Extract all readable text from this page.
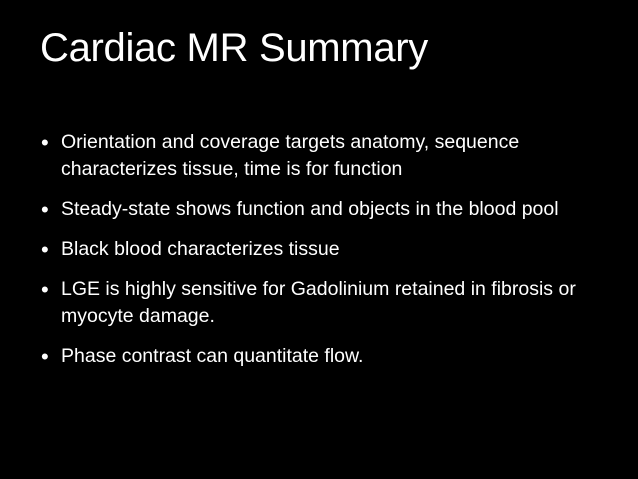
Cardiac MR Summary
• Orientation and coverage targets anatomy, sequence characterizes tissue, time is for function
• Steady-state shows function and objects in the blood pool
• Black blood characterizes tissue
• LGE is highly sensitive for Gadolinium retained in fibrosis or myocyte damage.
• Phase contrast can quantitate flow.
